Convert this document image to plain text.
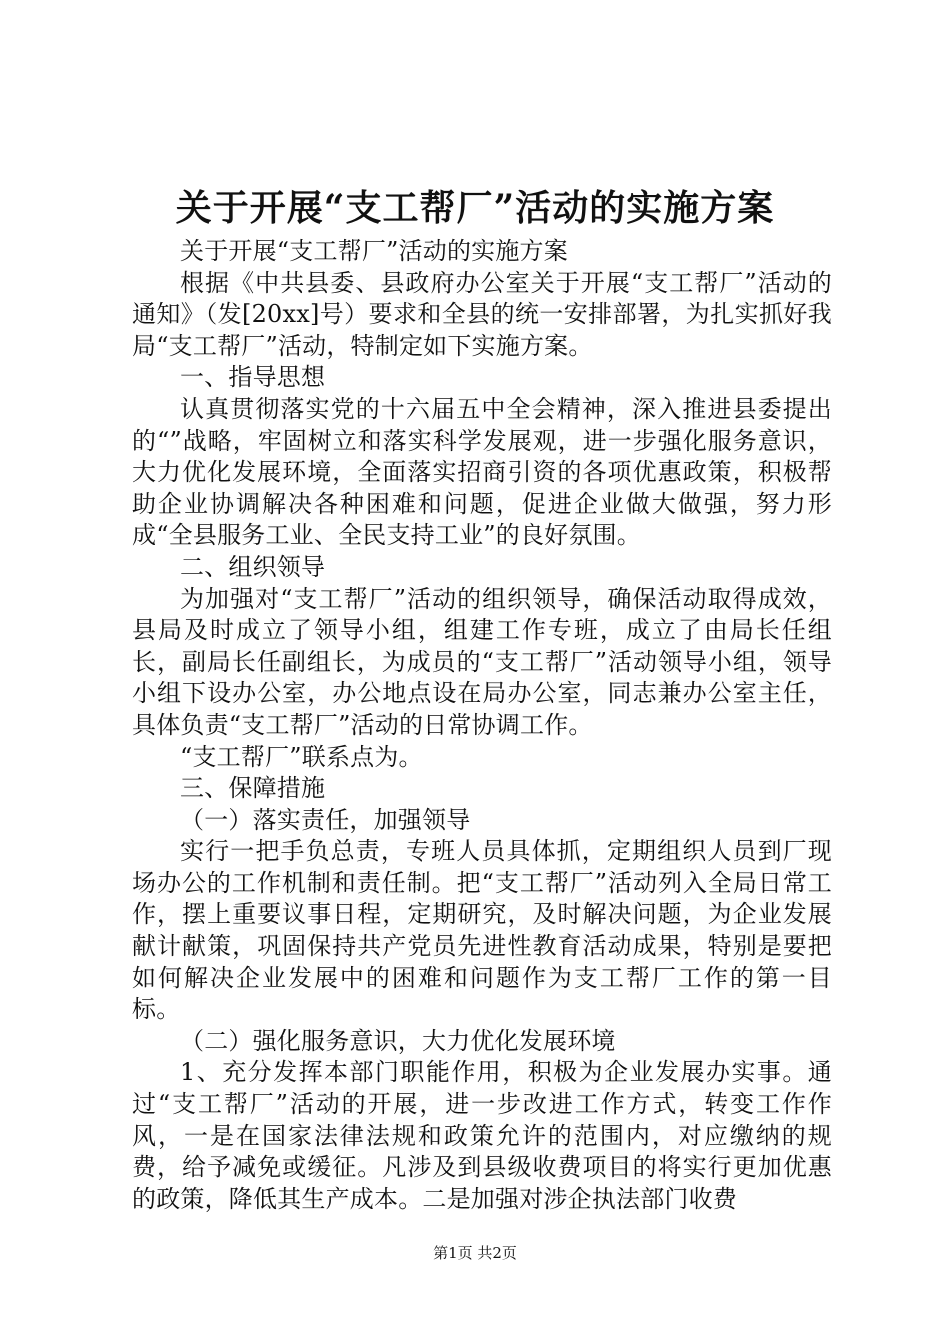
关于开展“支工帮厂”活动的实施方案

关于开展“支工帮厂”活动的实施方案

根据《中共县委、县政府办公室关于开展“支工帮厂”活动的通知》（发[20xx]号）要求和全县的统一安排部署，为扎实抓好我局“支工帮厂”活动，特制定如下实施方案。

一、指导思想

认真贯彻落实党的十六届五中全会精神，深入推进县委提出的“”战略，牢固树立和落实科学发展观，进一步强化服务意识，大力优化发展环境，全面落实招商引资的各项优惠政策，积极帮助企业协调解决各种困难和问题，促进企业做大做强，努力形成“全县服务工业、全民支持工业”的良好氛围。

二、组织领导

为加强对“支工帮厂”活动的组织领导，确保活动取得成效，县局及时成立了领导小组，组建工作专班，成立了由局长任组长，副局长任副组长，为成员的“支工帮厂”活动领导小组，领导小组下设办公室，办公地点设在局办公室，同志兼办公室主任，具体负责“支工帮厂”活动的日常协调工作。

“支工帮厂”联系点为。

三、保障措施

（一）落实责任，加强领导

实行一把手负总责，专班人员具体抓，定期组织人员到厂现场办公的工作机制和责任制。把“支工帮厂”活动列入全局日常工作，摆上重要议事日程，定期研究，及时解决问题，为企业发展献计献策，巩固保持共产党员先进性教育活动成果，特别是要把如何解决企业发展中的困难和问题作为支工帮厂工作的第一目标。

（二）强化服务意识，大力优化发展环境

1、充分发挥本部门职能作用，积极为企业发展办实事。通过“支工帮厂”活动的开展，进一步改进工作方式，转变工作作风，一是在国家法律法规和政策允许的范围内，对应缴纳的规费，给予减免或缓征。凡涉及到县级收费项目的将实行更加优惠的政策，降低其生产成本。二是加强对涉企执法部门收费

第1页 共2页
